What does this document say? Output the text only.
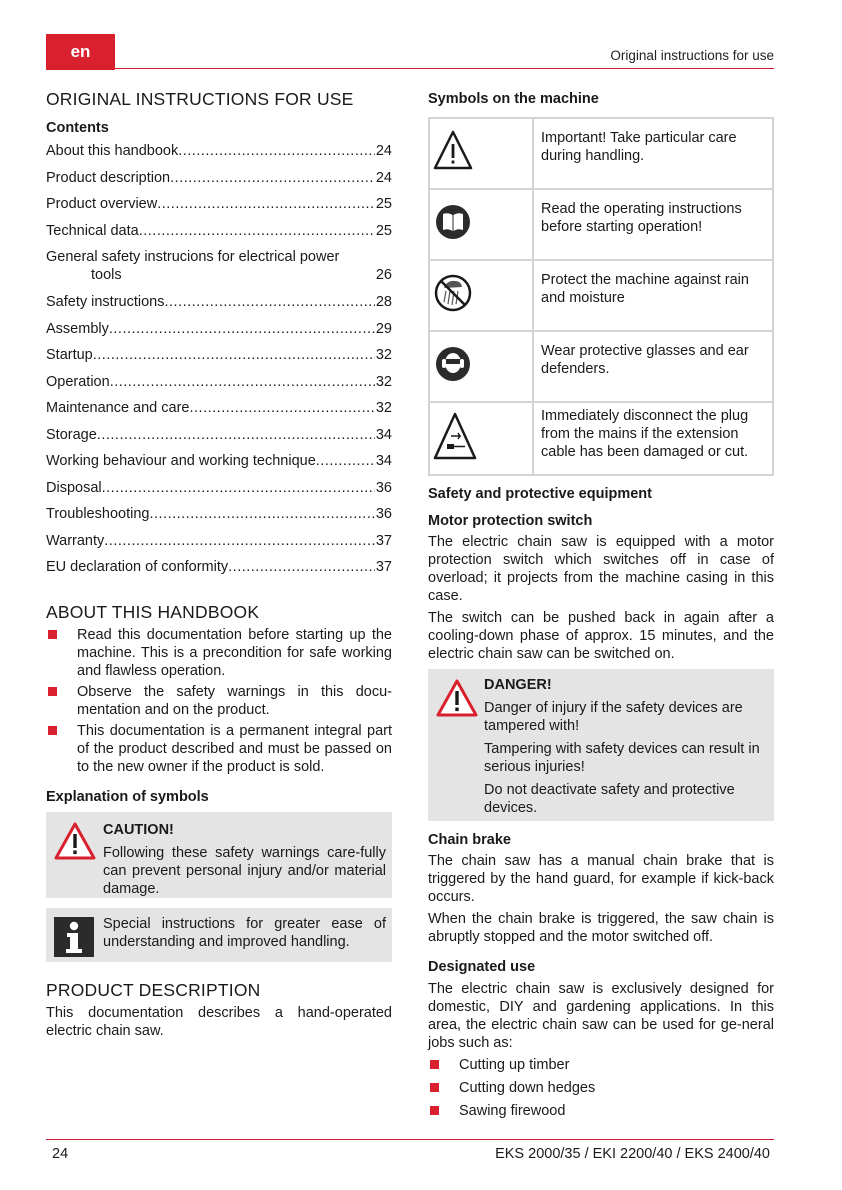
en	Original instructions for use
ORIGINAL INSTRUCTIONS FOR USE
Contents
About this handbook .....	24
Product description .....	24
Product overview .....	25
Technical data .....	25
General safety instrucions for electrical power
tools	26
Safety instructions .....	28
Assembly .....	29
Startup .....	32
Operation .....	32
Maintenance and care .....	32
Storage .....	34
Working behaviour and working technique .....	34
Disposal .....	36
Troubleshooting .....	36
Warranty .....	37
EU declaration of conformity .....	37
ABOUT THIS HANDBOOK
Read this documentation before starting up the machine. This is a precondition for safe working and flawless operation.
Observe the safety warnings in this docu-mentation and on the product.
This documentation is a permanent integral part of the product described and must be passed on to the new owner if the product is sold.
Explanation of symbols
CAUTION!

Following these safety warnings care-fully can prevent personal injury and/or material damage.

Special instructions for greater ease of understanding and improved handling.

PRODUCT DESCRIPTION

This documentation describes a hand-operated electric chain saw.

Symbols on the machine
	Important! Take particular care during handling.
	Read the operating instructions before starting operation!
	Protect the machine against rain and moisture
	Wear protective glasses and ear defenders.
	Immediately disconnect the plug from the mains if the extension cable has been damaged or cut.
Safety and protective equipment
Motor protection switch

The electric chain saw is equipped with a motor protection switch which switches off in case of overload; it projects from the machine casing in this case.

The switch can be pushed back in again after a cooling-down phase of approx. 15 minutes, and the electric chain saw can be switched on.

DANGER!

Danger of injury if the safety devices are tampered with!

Tampering with safety devices can result in serious injuries!

Do not deactivate safety and protective devices.

Chain brake

The chain saw has a manual chain brake that is triggered by the hand guard, for example if kick-back occurs.

When the chain brake is triggered, the saw chain is abruptly stopped and the motor switched off.

Designated use

The electric chain saw is exclusively designed for domestic, DIY and gardening applications. In this area, the electric chain saw can be used for ge-neral jobs such as:

Cutting up timber
Cutting down hedges
Sawing firewood
24	EKS 2000/35 / EKI 2200/40 / EKS 2400/40
